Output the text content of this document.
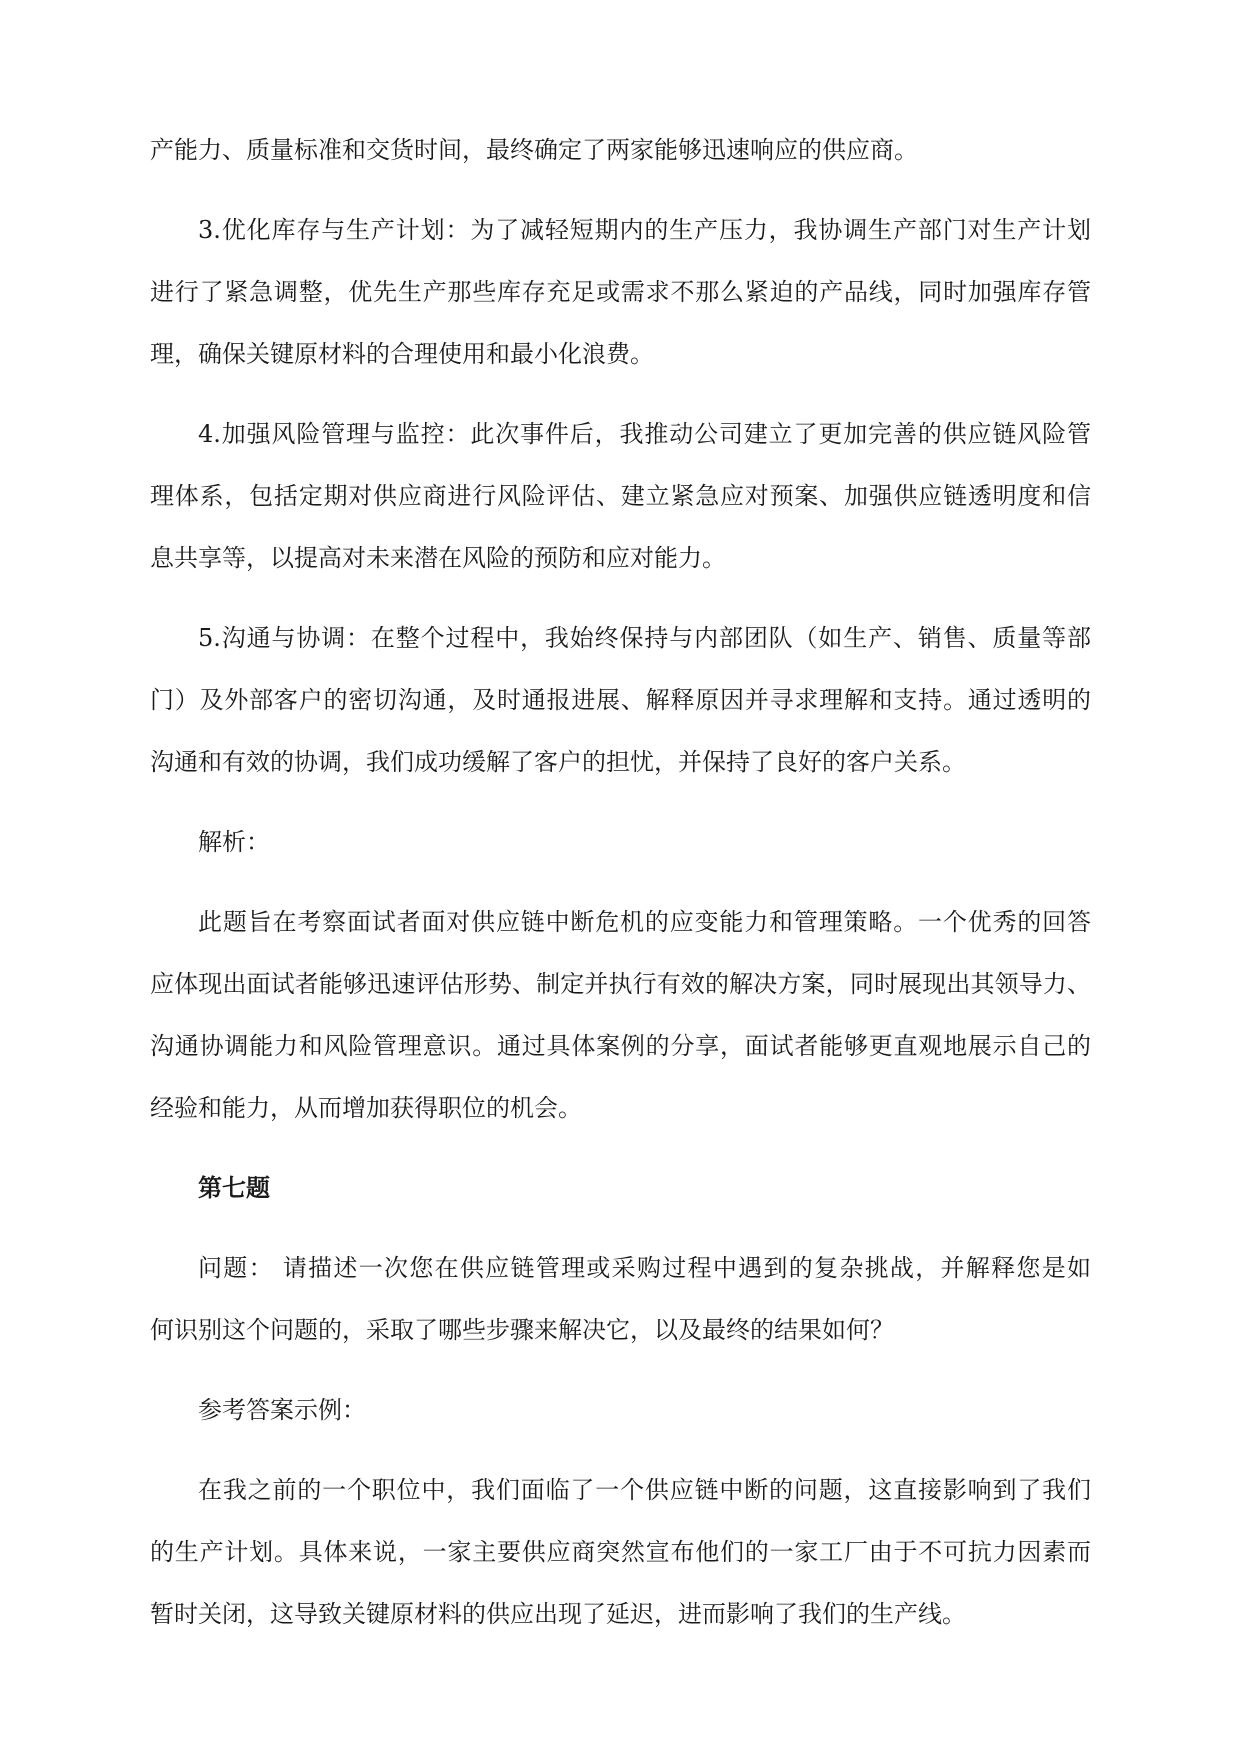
产能力、质量标准和交货时间，最终确定了两家能够迅速响应的供应商。
3.优化库存与生产计划：为了减轻短期内的生产压力，我协调生产部门对生产计划
进行了紧急调整，优先生产那些库存充足或需求不那么紧迫的产品线，同时加强库存管
理，确保关键原材料的合理使用和最小化浪费。
4.加强风险管理与监控：此次事件后，我推动公司建立了更加完善的供应链风险管
理体系，包括定期对供应商进行风险评估、建立紧急应对预案、加强供应链透明度和信
息共享等，以提高对未来潜在风险的预防和应对能力。
5.沟通与协调：在整个过程中，我始终保持与内部团队（如生产、销售、质量等部
门）及外部客户的密切沟通，及时通报进展、解释原因并寻求理解和支持。通过透明的
沟通和有效的协调，我们成功缓解了客户的担忧，并保持了良好的客户关系。
解析：
此题旨在考察面试者面对供应链中断危机的应变能力和管理策略。一个优秀的回答
应体现出面试者能够迅速评估形势、制定并执行有效的解决方案，同时展现出其领导力、
沟通协调能力和风险管理意识。通过具体案例的分享，面试者能够更直观地展示自己的
经验和能力，从而增加获得职位的机会。
第七题
问题： 请描述一次您在供应链管理或采购过程中遇到的复杂挑战，并解释您是如
何识别这个问题的，采取了哪些步骤来解决它，以及最终的结果如何？
参考答案示例：
在我之前的一个职位中，我们面临了一个供应链中断的问题，这直接影响到了我们
的生产计划。具体来说，一家主要供应商突然宣布他们的一家工厂由于不可抗力因素而
暂时关闭，这导致关键原材料的供应出现了延迟，进而影响了我们的生产线。
